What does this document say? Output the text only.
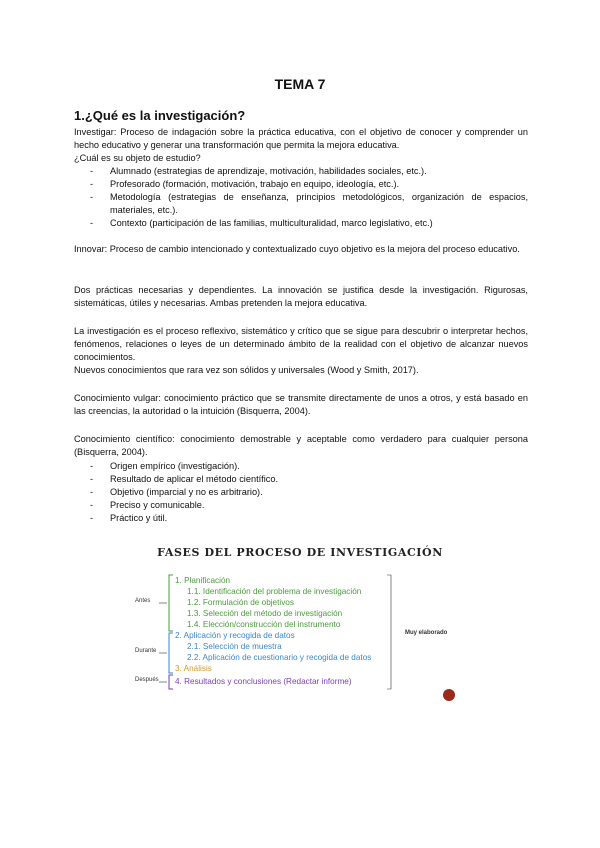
TEMA 7
1.¿Qué es la investigación?
Investigar: Proceso de indagación sobre la práctica educativa, con el objetivo de conocer y comprender un hecho educativo y generar una transformación que permita la mejora educativa.
¿Cuál es su objeto de estudio?
- Alumnado (estrategias de aprendizaje, motivación, habilidades sociales, etc.).
- Profesorado (formación, motivación, trabajo en equipo, ideología, etc.).
- Metodología (estrategias de enseñanza, principios metodológicos, organización de espacios, materiales, etc.).
- Contexto (participación de las familias, multiculturalidad, marco legislativo, etc.)
Innovar: Proceso de cambio intencionado y contextualizado cuyo objetivo es la mejora del proceso educativo.
Dos prácticas necesarias y dependientes. La innovación se justifica desde la investigación. Rigurosas, sistemáticas, útiles y necesarias. Ambas pretenden la mejora educativa.
La investigación es el proceso reflexivo, sistemático y crítico que se sigue para descubrir o interpretar hechos, fenómenos, relaciones o leyes de un determinado ámbito de la realidad con el objetivo de alcanzar nuevos conocimientos.
Nuevos conocimientos que rara vez son sólidos y universales (Wood y Smith, 2017).
Conocimiento vulgar: conocimiento práctico que se transmite directamente de unos a otros, y está basado en las creencias, la autoridad o la intuición (Bisquerra, 2004).
Conocimiento científico: conocimiento demostrable y aceptable como verdadero para cualquier persona (Bisquerra, 2004).
- Origen empírico (investigación).
- Resultado de aplicar el método científico.
- Objetivo (imparcial y no es arbitrario).
- Preciso y comunicable.
- Práctico y útil.
FASES DEL PROCESO DE INVESTIGACIÓN
Antes
Durante
Después
Muy elaborado
1. Planificación
1.1. Identificación del problema de investigación
1.2. Formulación de objetivos
1.3. Selección del método de investigación
1.4. Elección/construcción del instrumento
2. Aplicación y recogida de datos
2.1. Selección de muestra
2.2. Aplicación de cuestionario y recogida de datos
3. Análisis
4. Resultados y conclusiones (Redactar informe)
